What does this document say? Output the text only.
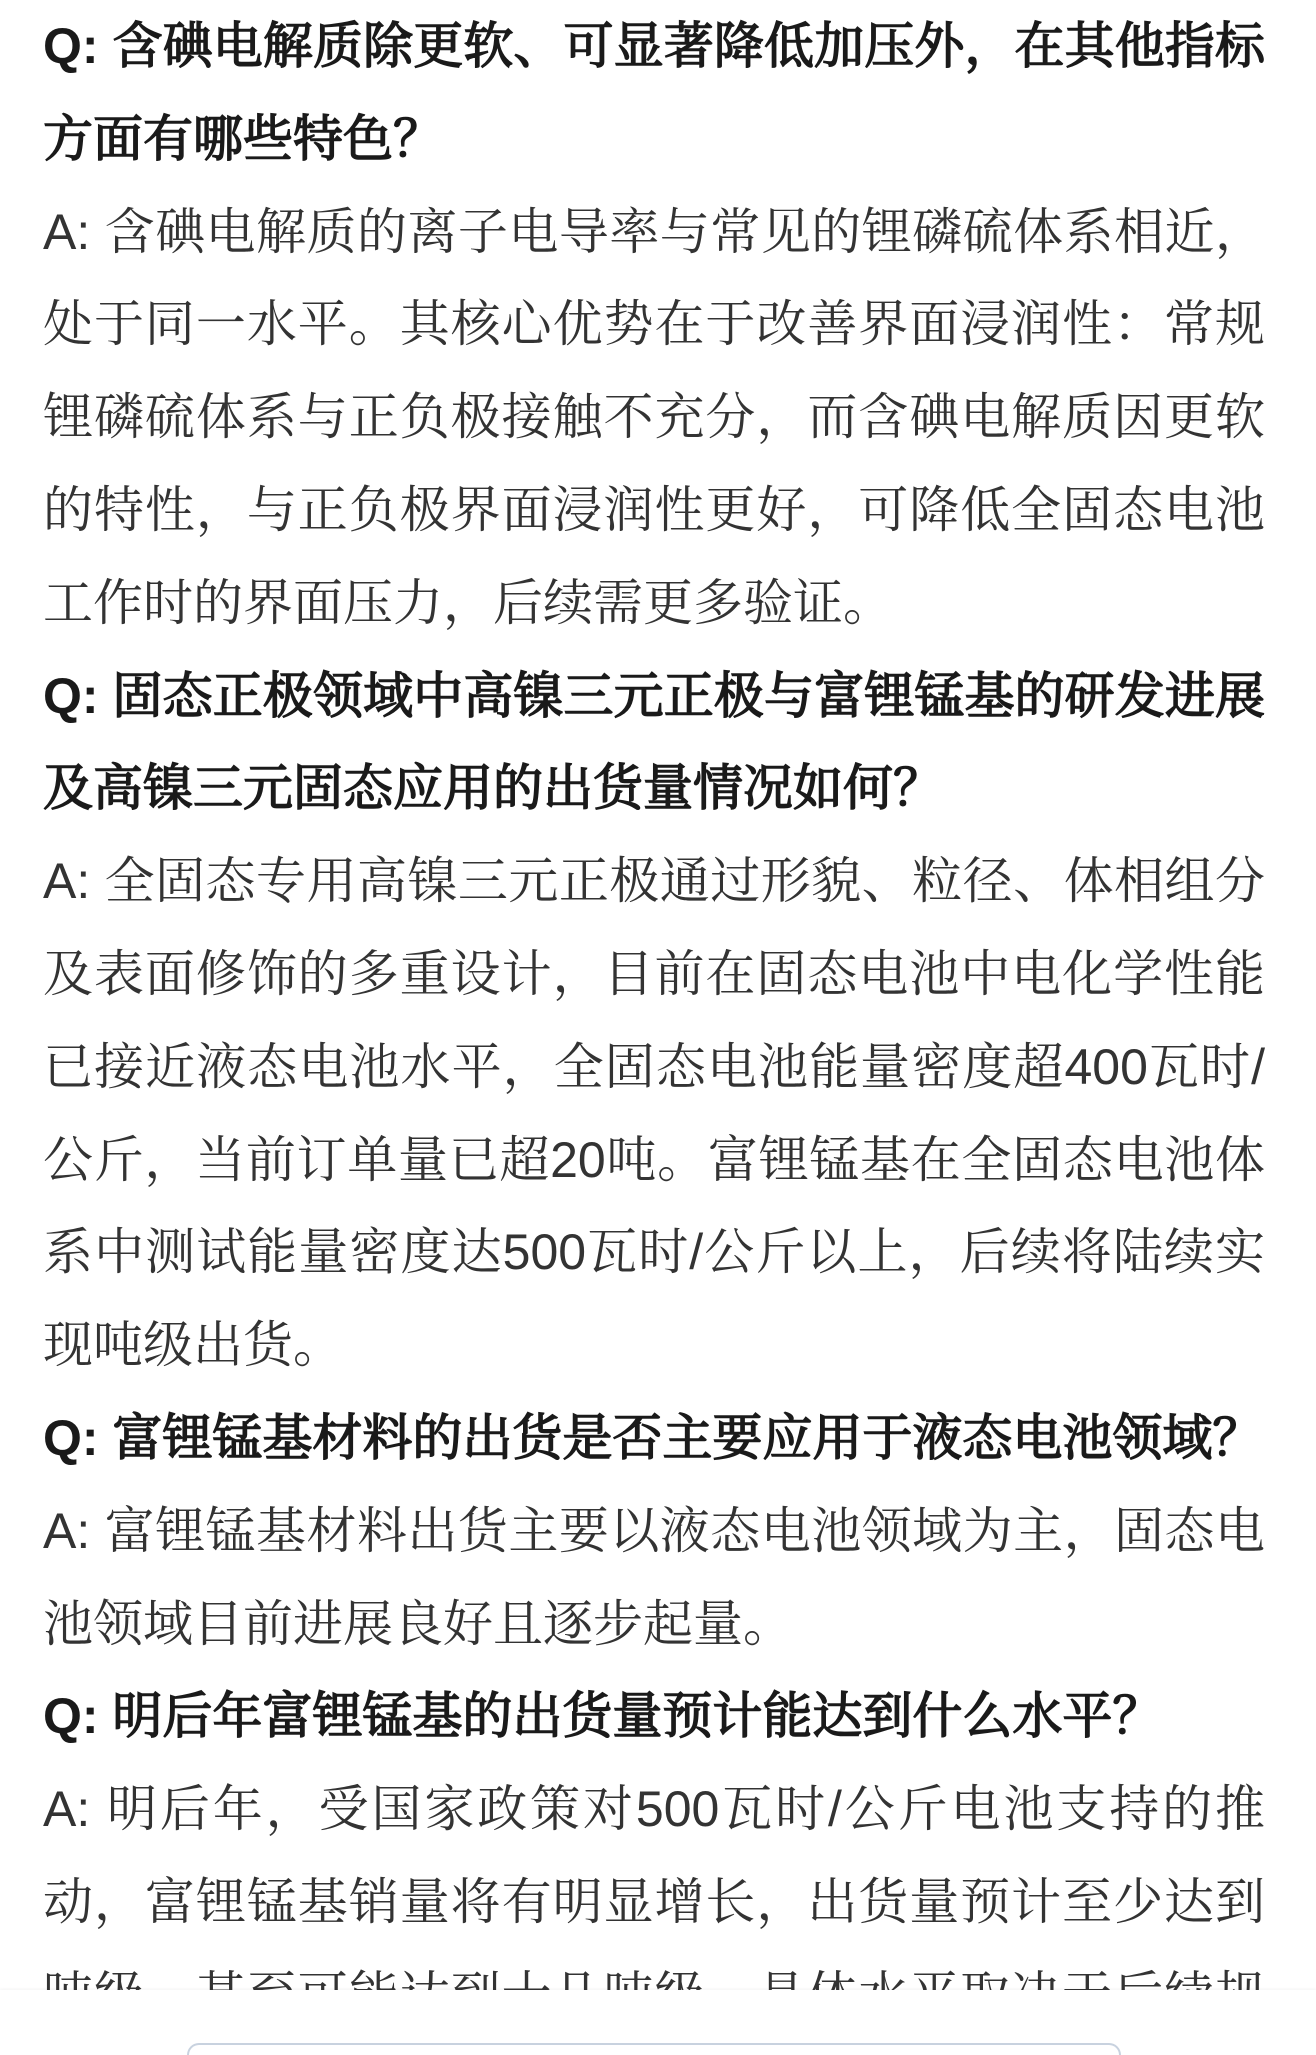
Q: 含碘电解质除更软、可显著降低加压外，在其他指标
方面有哪些特色？
A: 含碘电解质的离子电导率与常见的锂磷硫体系相近，
处于同一水平。其核心优势在于改善界面浸润性：常规
锂磷硫体系与正负极接触不充分，而含碘电解质因更软
的特性，与正负极界面浸润性更好，可降低全固态电池
工作时的界面压力，后续需更多验证。
Q: 固态正极领域中高镍三元正极与富锂锰基的研发进展
及高镍三元固态应用的出货量情况如何？
A: 全固态专用高镍三元正极通过形貌、粒径、体相组分
及表面修饰的多重设计，目前在固态电池中电化学性能
已接近液态电池水平，全固态电池能量密度超400瓦时/
公斤，当前订单量已超20吨。富锂锰基在全固态电池体
系中测试能量密度达500瓦时/公斤以上，后续将陆续实
现吨级出货。
Q: 富锂锰基材料的出货是否主要应用于液态电池领域？
A: 富锂锰基材料出货主要以液态电池领域为主，固态电
池领域目前进展良好且逐步起量。
Q: 明后年富锂锰基的出货量预计能达到什么水平？
A: 明后年，受国家政策对500瓦时/公斤电池支持的推
动，富锂锰基销量将有明显增长，出货量预计至少达到
